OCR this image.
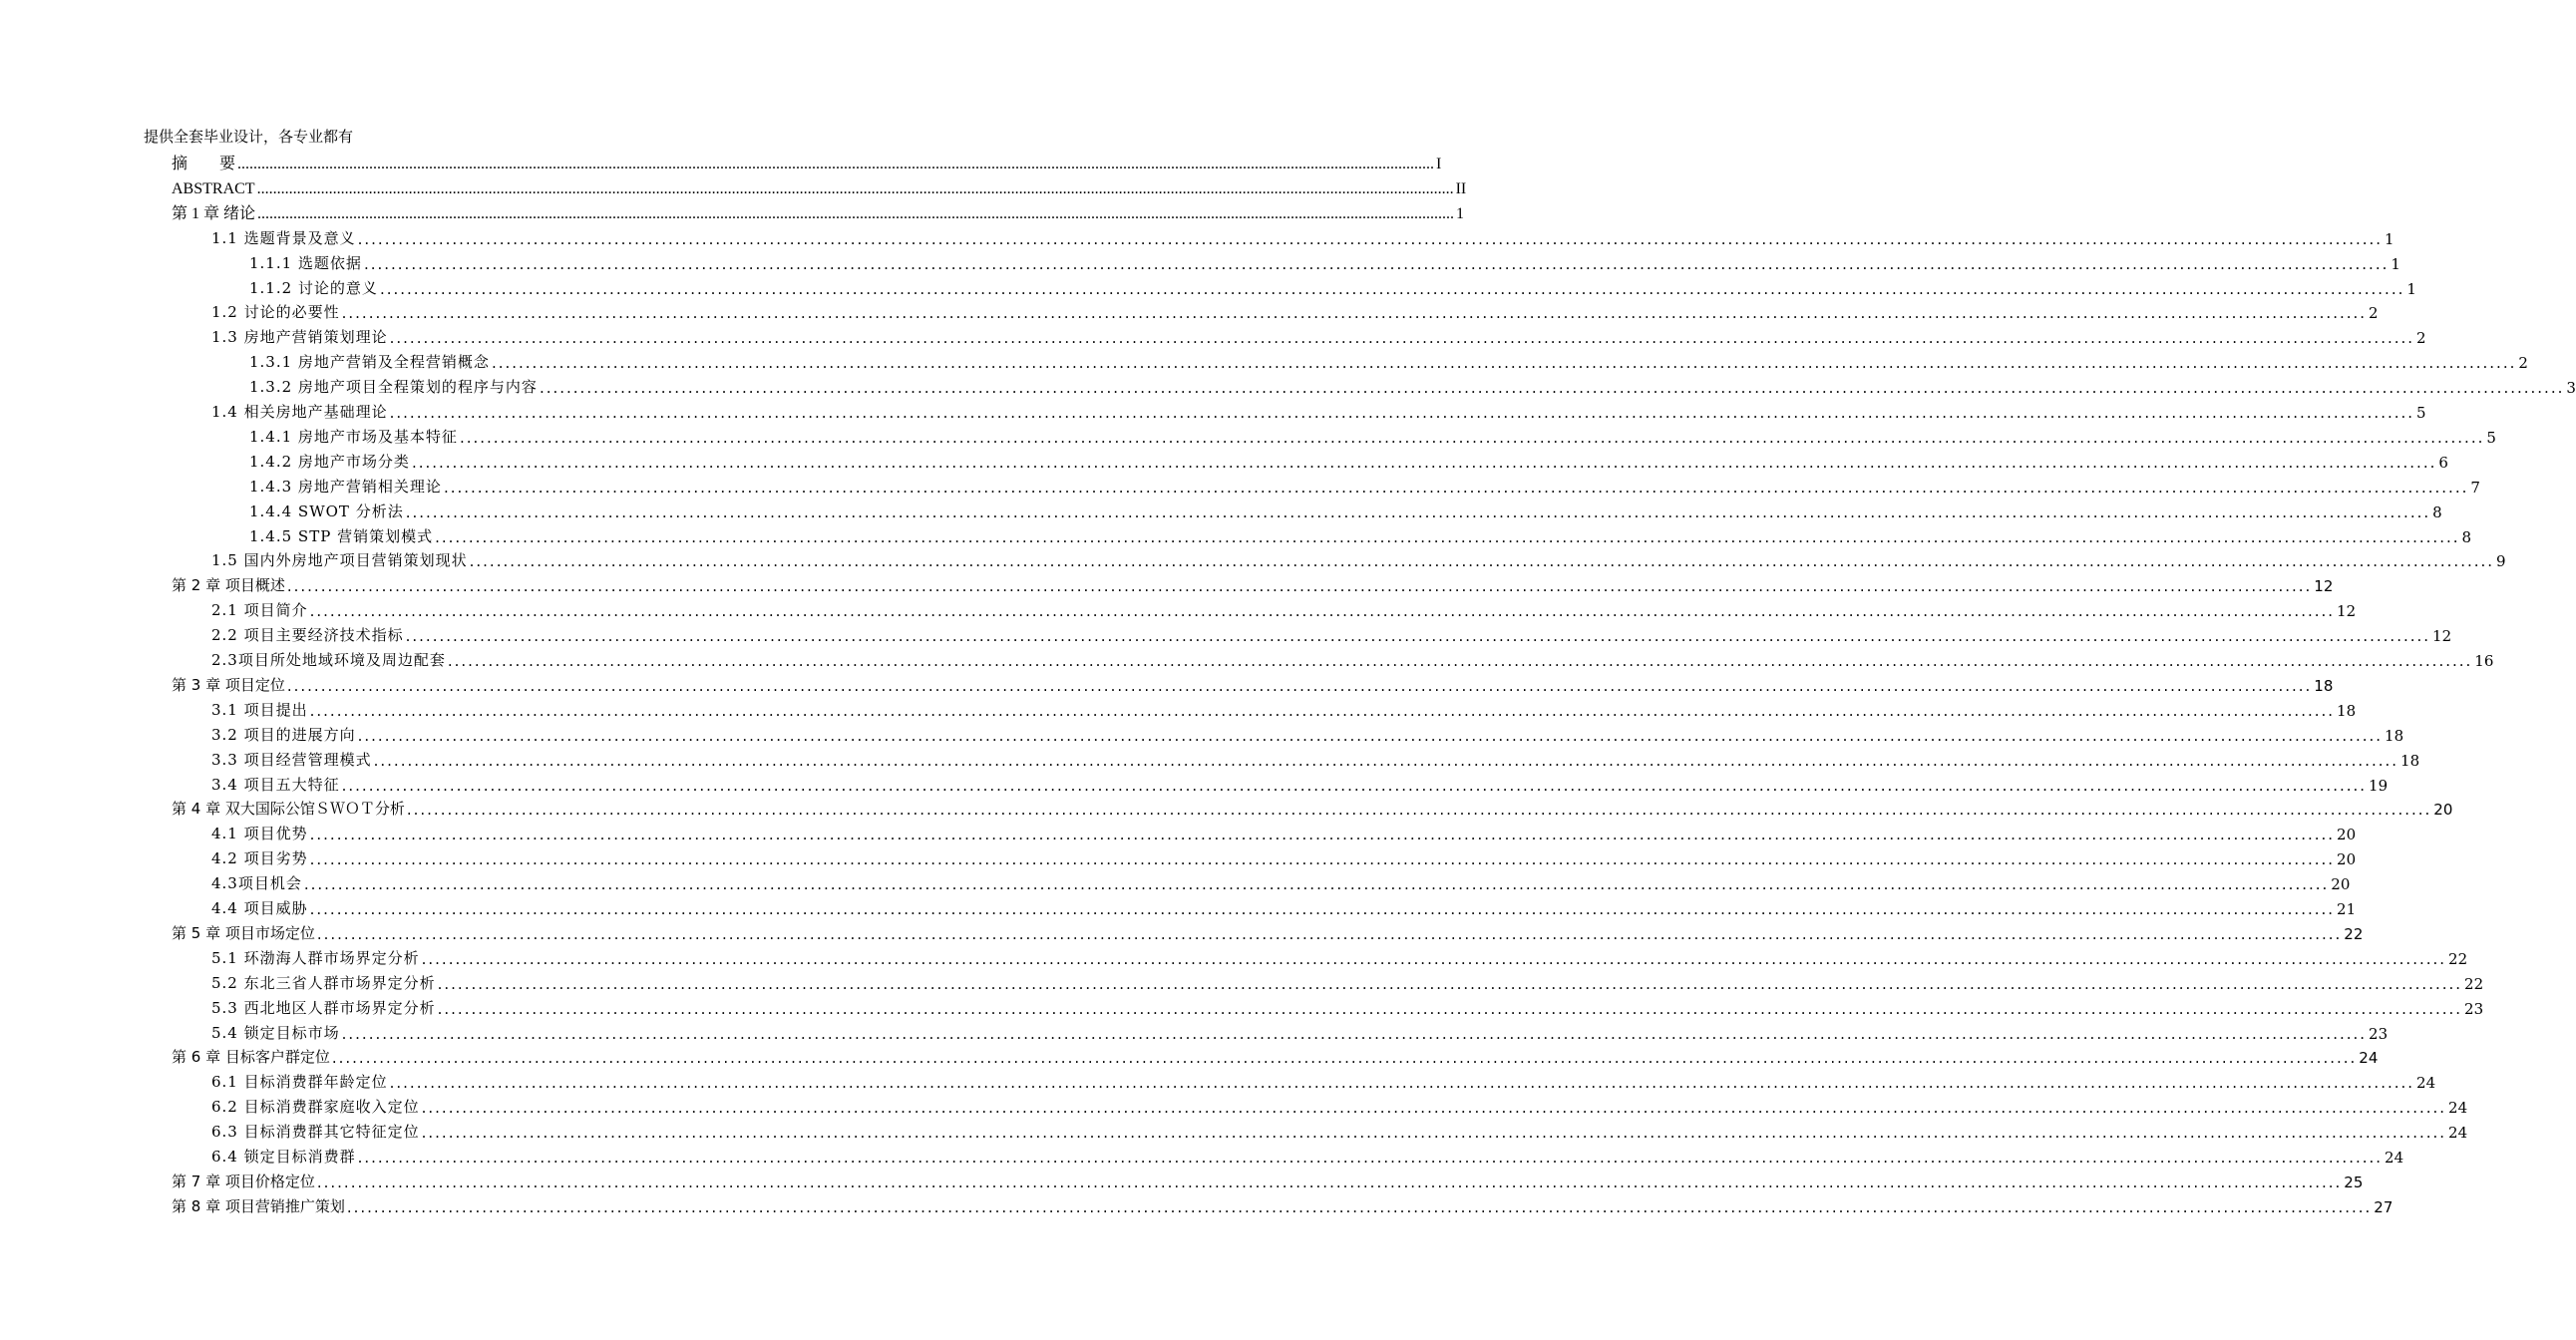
提供全套毕业设计，各专业都有
摘　　要 ............................................................................................................................................................................................................................................................................................................ I
ABSTRACT ............................................................................................................................................................................................................................................................................................................ II
第 1 章 绪论 ............................................................................................................................................................................................................................................................................................................ 1
1.1 选题背景及意义 ............................................................................................................................................................................................................................................................................................................ 1
1.1.1 选题依据 ............................................................................................................................................................................................................................................................................................................ 1
1.1.2 讨论的意义 ............................................................................................................................................................................................................................................................................................................ 1
1.2 讨论的必要性 ............................................................................................................................................................................................................................................................................................................ 2
1.3 房地产营销策划理论 ............................................................................................................................................................................................................................................................................................................ 2
1.3.1 房地产营销及全程营销概念 ............................................................................................................................................................................................................................................................................................................ 2
1.3.2 房地产项目全程策划的程序与内容 ............................................................................................................................................................................................................................................................................................................ 3
1.4 相关房地产基础理论 ............................................................................................................................................................................................................................................................................................................ 5
1.4.1 房地产市场及基本特征 ............................................................................................................................................................................................................................................................................................................ 5
1.4.2 房地产市场分类 ............................................................................................................................................................................................................................................................................................................ 6
1.4.3 房地产营销相关理论 ............................................................................................................................................................................................................................................................................................................ 7
1.4.4 SWOT 分析法 ............................................................................................................................................................................................................................................................................................................ 8
1.4.5 STP 营销策划模式 ............................................................................................................................................................................................................................................................................................................ 8
1.5 国内外房地产项目营销策划现状 ............................................................................................................................................................................................................................................................................................................ 9
第 2 章 项目概述 ............................................................................................................................................................................................................................................................................................................ 12
2.1 项目简介 ............................................................................................................................................................................................................................................................................................................ 12
2.2 项目主要经济技术指标 ............................................................................................................................................................................................................................................................................................................ 12
2.3项目所处地域环境及周边配套 ............................................................................................................................................................................................................................................................................................................ 16
第 3 章 项目定位 ............................................................................................................................................................................................................................................................................................................ 18
3.1 项目提出 ............................................................................................................................................................................................................................................................................................................ 18
3.2 项目的进展方向 ............................................................................................................................................................................................................................................................................................................ 18
3.3 项目经营管理模式 ............................................................................................................................................................................................................................................................................................................ 18
3.4 项目五大特征 ............................................................................................................................................................................................................................................................................................................ 19
第 4 章 双大国际公馆ＳＷＯＴ分析 ............................................................................................................................................................................................................................................................................................................ 20
4.1 项目优势 ............................................................................................................................................................................................................................................................................................................ 20
4.2 项目劣势 ............................................................................................................................................................................................................................................................................................................ 20
4.3项目机会 ............................................................................................................................................................................................................................................................................................................ 20
4.4 项目威胁 ............................................................................................................................................................................................................................................................................................................ 21
第 5 章 项目市场定位 ............................................................................................................................................................................................................................................................................................................ 22
5.1 环渤海人群市场界定分析 ............................................................................................................................................................................................................................................................................................................ 22
5.2 东北三省人群市场界定分析 ............................................................................................................................................................................................................................................................................................................ 22
5.3 西北地区人群市场界定分析 ............................................................................................................................................................................................................................................................................................................ 23
5.4 锁定目标市场 ............................................................................................................................................................................................................................................................................................................ 23
第 6 章 目标客户群定位 ............................................................................................................................................................................................................................................................................................................ 24
6.1 目标消费群年龄定位 ............................................................................................................................................................................................................................................................................................................ 24
6.2 目标消费群家庭收入定位 ............................................................................................................................................................................................................................................................................................................ 24
6.3 目标消费群其它特征定位 ............................................................................................................................................................................................................................................................................................................ 24
6.4 锁定目标消费群 ............................................................................................................................................................................................................................................................................................................ 24
第 7 章 项目价格定位 ............................................................................................................................................................................................................................................................................................................ 25
第 8 章 项目营销推广策划 ............................................................................................................................................................................................................................................................................................................ 27
